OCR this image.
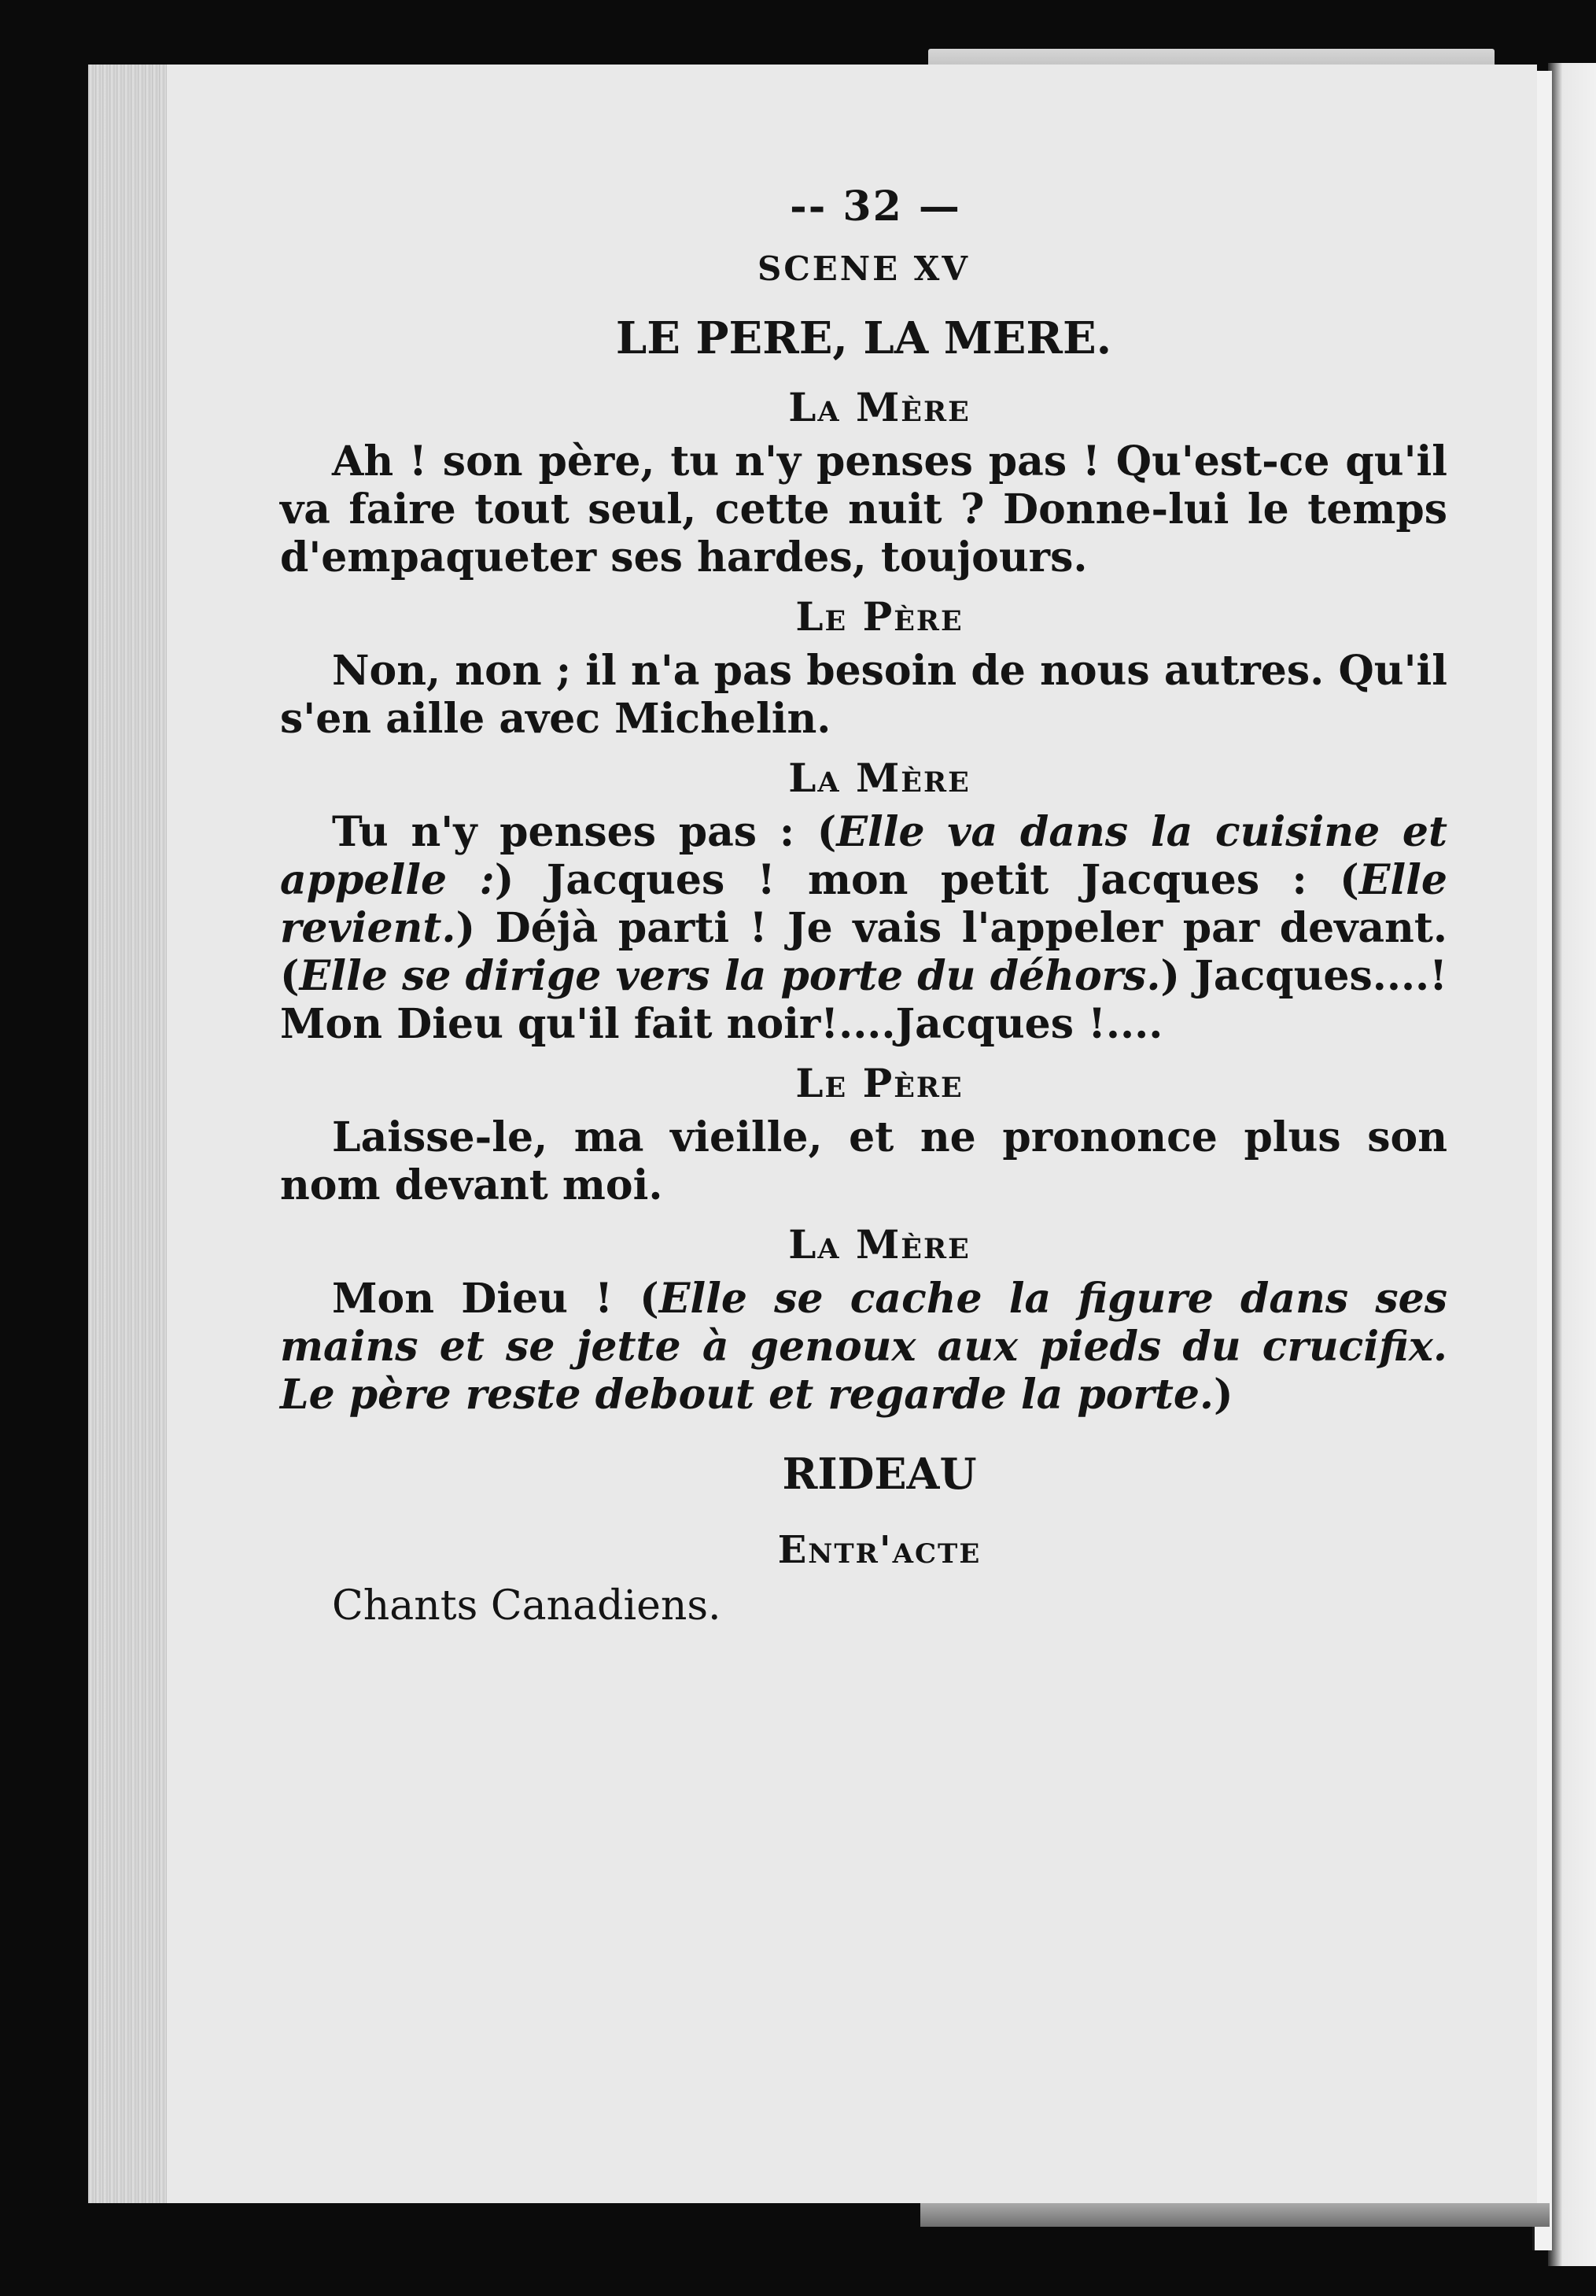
-- 32 —
SCENE XV
LE PERE, LA MERE.
La Mère

Ah ! son père, tu n'y penses pas ! Qu'est-ce qu'il va faire tout seul, cette nuit ? Donne-lui le temps d'empaqueter ses hardes, toujours.

Le Père

Non, non ; il n'a pas besoin de nous autres. Qu'il s'en aille avec Michelin.

La Mère

Tu n'y penses pas : (Elle va dans la cuisine et appelle :) Jacques ! mon petit Jacques : (Elle revient.) Déjà parti ! Je vais l'appeler par devant. (Elle se dirige vers la porte du déhors.) Jacques....! Mon Dieu qu'il fait noir!....Jacques !....

Le Père

Laisse-le, ma vieille, et ne prononce plus son nom devant moi.

La Mère

Mon Dieu ! (Elle se cache la figure dans ses mains et se jette à genoux aux pieds du crucifix. Le père reste debout et regarde la porte.)

RIDEAU
Entr'acte
Chants Canadiens.
